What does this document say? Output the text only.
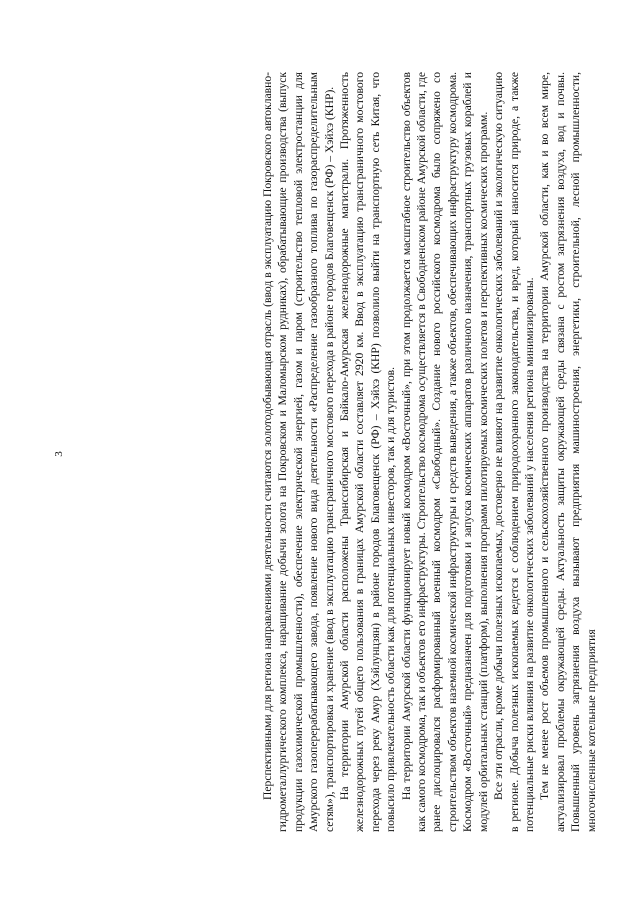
3	Перспективными для региона направлениями деятельности считаются золотодобывающая отрасль (ввод в эксплуатацию Покровского автоклавно-гидрометаллургического комплекса, наращивание добычи золота на Покровском и Маломырском рудниках), обрабатывающие производства (выпуск продукции газохимической промышленности), обеспечение электрической энергией, газом и паром (строительство тепловой электростанции для Амурского газоперерабатывающего завода, появление нового вида деятельности «Распределение газообразного топлива по газораспределительным сетям»), транспортировка и хранение (ввод в эксплуатацию трансграничного мостового перехода в районе городов Благовещенск (РФ) – Хэйхэ (КНР). На территории Амурской области расположены Транссибирская и Байкало-Амурская железнодорожные магистрали. Протяженность железнодорожных путей общего пользования в границах Амурской области составляет 2920 км. Ввод в эксплуатацию трансграничного мостового перехода через реку Амур (Хэйлунцзян) в районе городов Благовещенск (РФ) – Хэйхэ (КНР) позволило выйти на транспортную сеть Китая, что повысило привлекательность области как для потенциальных инвесторов, так и для туристов. На территории Амурской области функционирует новый космодром «Восточный», при этом продолжается масштабное строительство объектов как самого космодрома, так и объектов его инфраструктуры. Строительство космодрома осуществляется в Свободненском районе Амурской области, где ранее дислоцировался расформированный военный космодром «Свободный». Создание нового российского космодрома было сопряжено со строительством объектов наземной космической инфраструктуры и средств выведения, а также объектов, обеспечивающих инфраструктуру космодрома. Космодром «Восточный» предназначен для подготовки и запуска космических аппаратов различного назначения, транспортных грузовых кораблей и модулей орбитальных станций (платформ), выполнения программ пилотируемых космических полетов и перспективных космических программ. Все эти отрасли, кроме добычи полезных ископаемых, достоверно не влияют на развитие онкологических заболеваний и экологическую ситуацию в регионе. Добыча полезных ископаемых ведется с соблюдением природоохранного законодательства, и вред, который наносится природе, а также потенциальные риски влияния на развитие онкологических заболеваний у населения региона минимизированы. Тем не менее рост объемов промышленного и сельскохозяйственного производства на территории Амурской области, как и во всем мире, актуализировал проблемы окружающей среды. Актуальность защиты окружающей среды связана с ростом загрязнения воздуха, вод и почвы. Повышенный уровень загрязнения воздуха вызывают предприятия машиностроения, энергетики, строительной, лесной промышленности, многочисленные котельные предприятия
